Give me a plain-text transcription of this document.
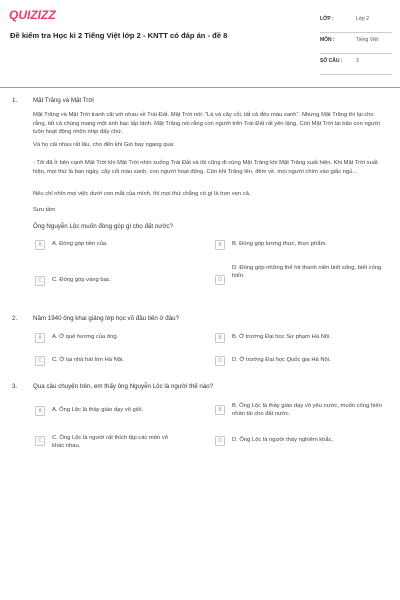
QUIZIZZ
Đề kiểm tra Học kì 2 Tiếng Việt lớp 2 - KNTT có đáp án - đề 8
LỚP :	Lớp 2
MÔN :	Tiếng Việt
SỐ CÂU :	3
1.	Mặt Trăng và Mặt Trời
Mặt Trăng và Mặt Trời tranh cãi với nhau về Trái Đất. Mặt Trời nói: "Lá và cây cối, tất cả đều màu xanh". Nhưng Mặt Trăng thì lại cho rằng, tất cả chúng mang một ánh bạc lấp lánh. Mặt Trăng nói rằng con người trên Trái Đất rất yên lặng. Còn Mặt Trời lại bảo con người luôn hoạt động nhộn nhịp đấy chứ.
Và họ cãi nhau rất lâu, cho đến khi Gió bay ngang qua:
- Tôi đã ở bên cạnh Mặt Trời khi Mặt Trời nhìn xuống Trái Đất và tôi cũng đi cùng Mặt Trăng khi Mặt Trăng xuất hiện. Khi Mặt Trời xuất hiện, mọi thứ là ban ngày, cây cối màu xanh, con người hoạt động. Còn khi Trăng lên, đêm về, mọi người chìm vào giấc ngủ...
Nếu chỉ nhìn mọi việc dưới con mắt của mình, thì mọi thứ chẳng có gì là trọn vẹn cả.
Sưu tầm
Ông Nguyễn Lộc muốn đóng góp gì cho đất nước?
A	A. Đóng góp tiền của.	B	B. Đóng góp lương thực, thực phẩm.
C	C. Đóng góp vàng bạc.	D
D. Đóng góp những thế hệ thanh niên biết sống, biết cống hiến.
2.	Năm 1940 ông khai giảng lớp học võ đầu tiên ở đâu?
A	A. Ở quê hương của ông.	B	B. Ở trường Đại học Sư phạm Hà Nội.
C	C. Ở tại nhà hát lớn Hà Nội.	D	D. Ở trường Đại học Quốc gia Hà Nội.
3.	Qua câu chuyện trên, em thấy ông Nguyễn Lộc là người thế nào?
A	A. Ông Lộc là thầy giáo dạy võ giỏi.	B
B. Ông Lộc là thầy giáo dạy võ yêu nước, muốn cống hiến nhân tài cho đất nước.
C	C. Ông Lộc là người rất thích tập các môn võ khác nhau.
D	D. Ông Lộc là người thầy nghiêm khắc.
